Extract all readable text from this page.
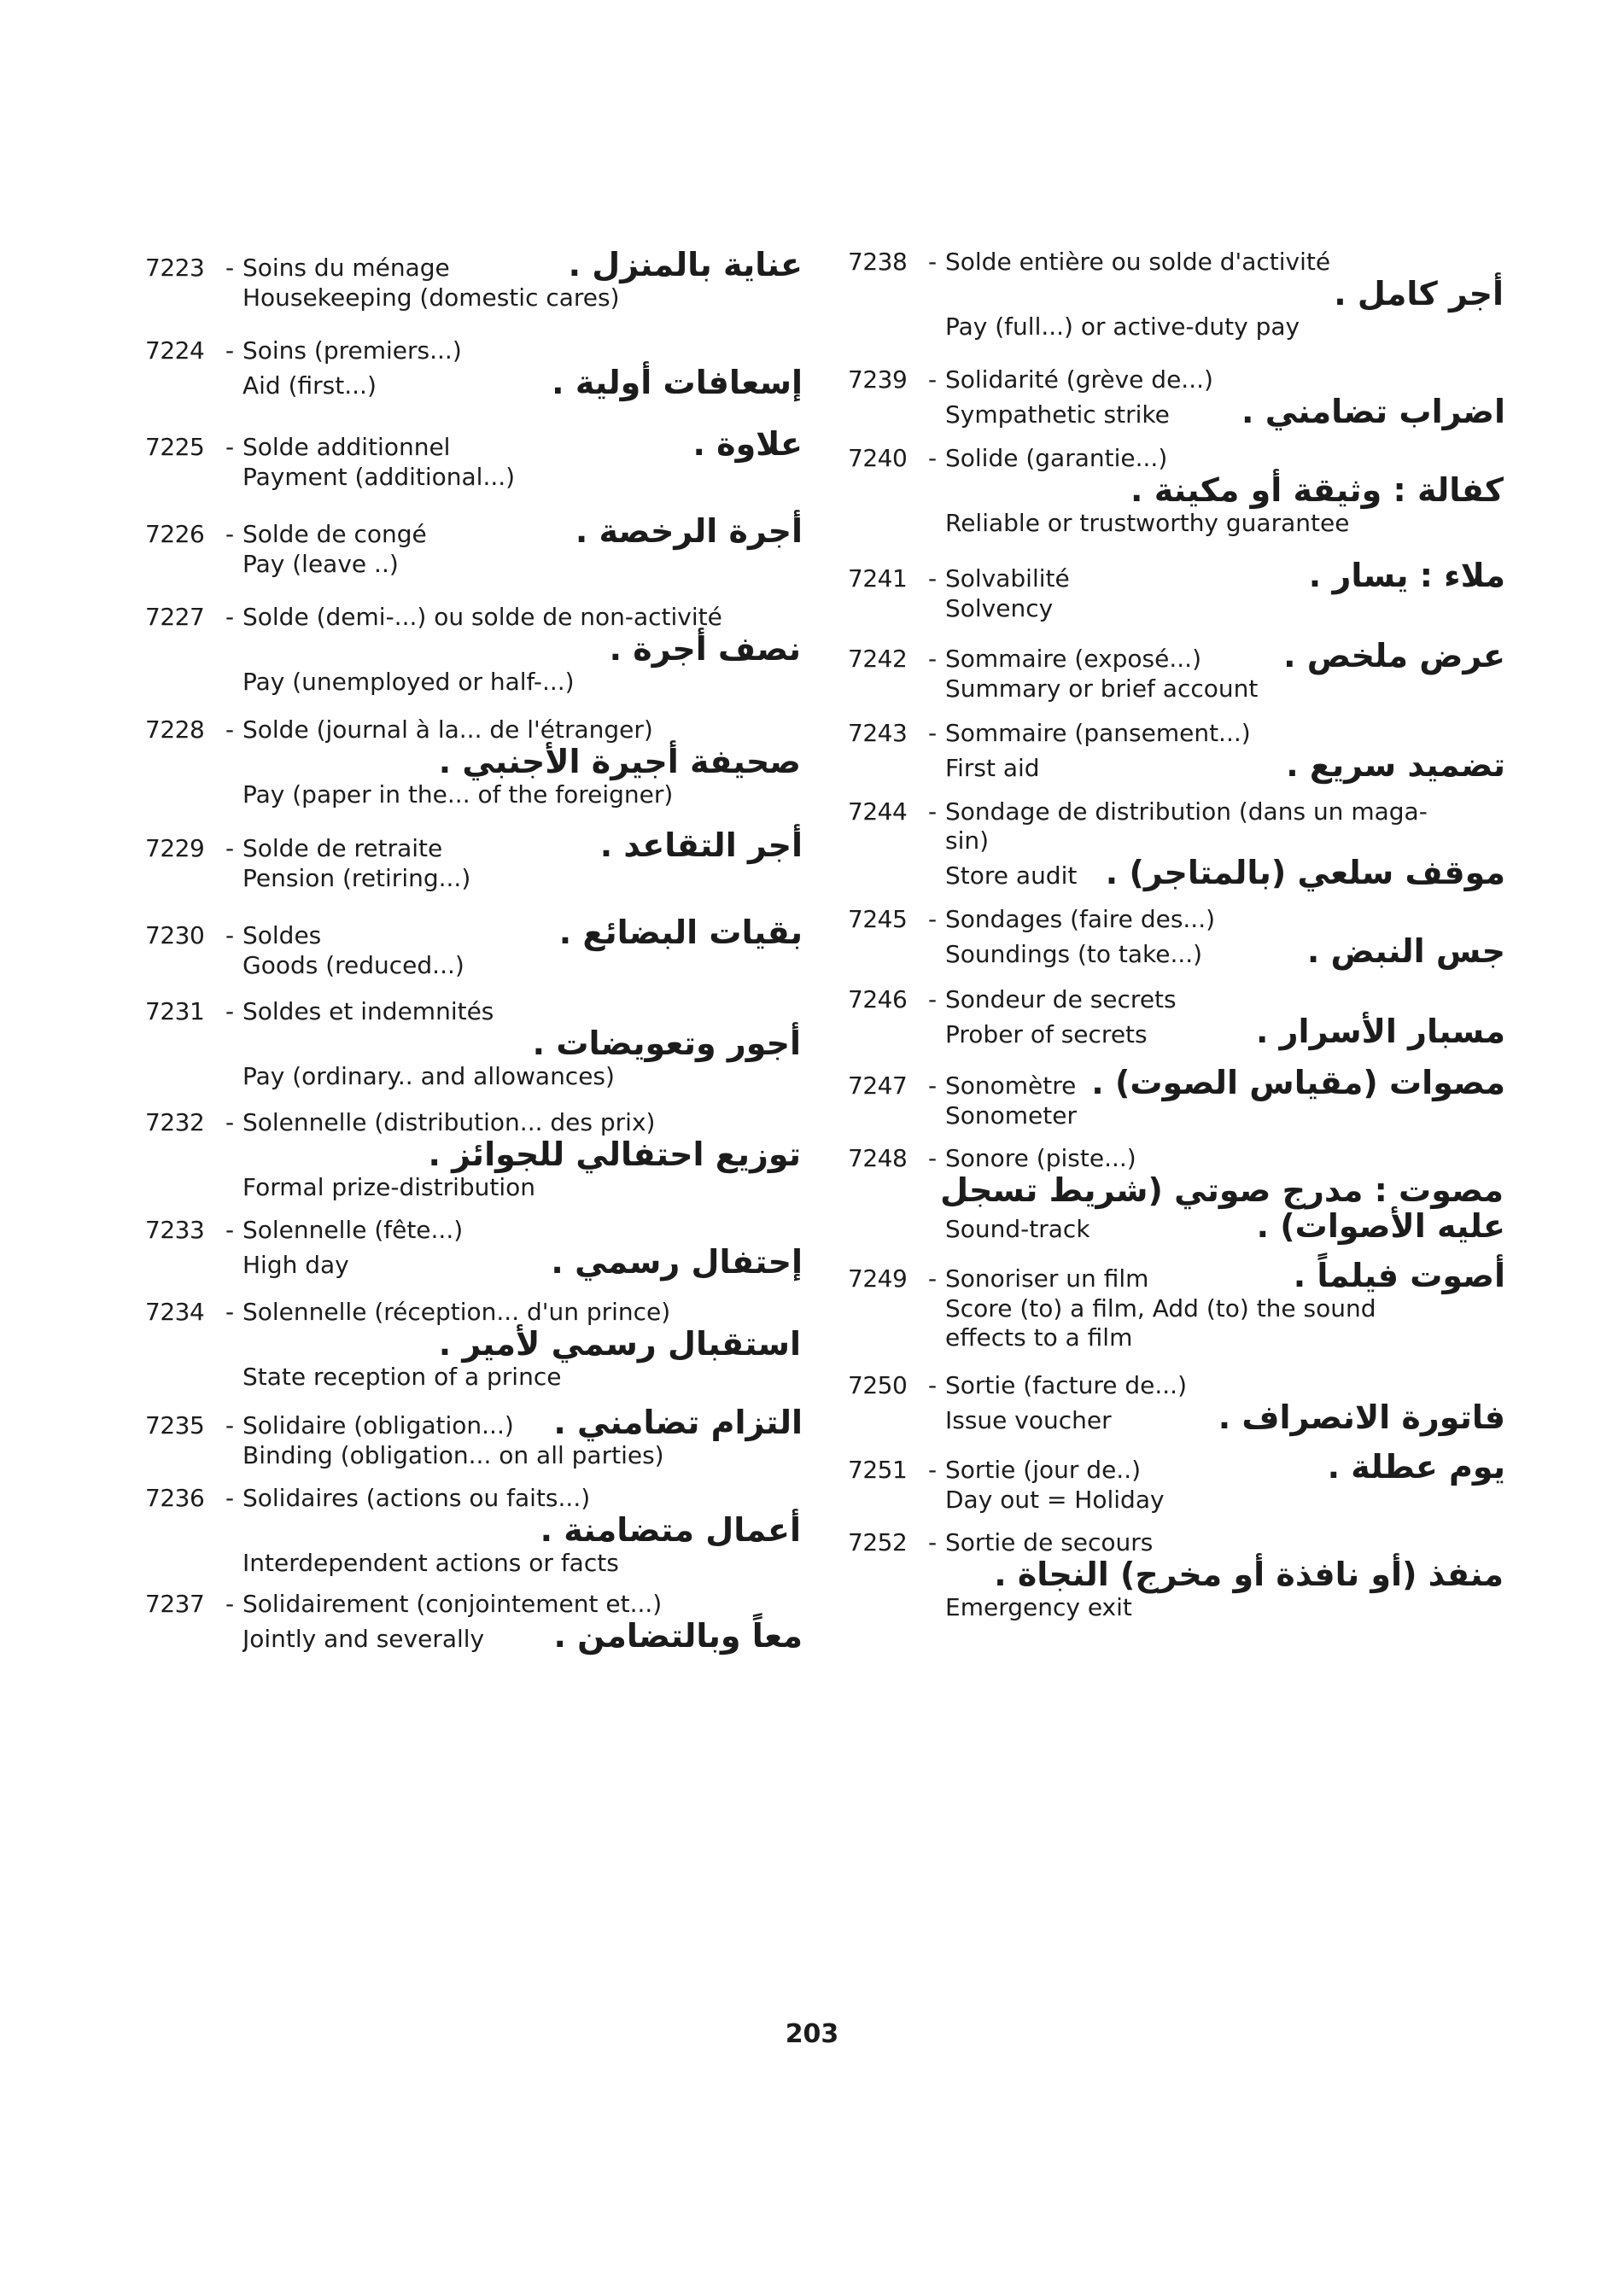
7223 - Soins du ménage	عناية بالمنزل .
Housekeeping (domestic cares)
7224 - Soins (premiers...)
Aid (first...)	إسعافات أولية .
7225 - Solde additionnel	علاوة .
Payment (additional...)
7226 - Solde de congé	أجرة الرخصة .
Pay (leave ..)
7227 - Solde (demi-...) ou solde de non-activité
نصف أجرة .
Pay (unemployed or half-...)
7228 - Solde (journal à la... de l'étranger)
صحيفة أجيرة الأجنبي .
Pay (paper in the... of the foreigner)
7229 - Solde de retraite	أجر التقاعد .
Pension (retiring...)
7230 - Soldes	بقيات البضائع .
Goods (reduced...)
7231 - Soldes et indemnités
أجور وتعويضات .
Pay (ordinary.. and allowances)
7232 - Solennelle (distribution... des prix)
توزيع احتفالي للجوائز .
Formal prize-distribution
7233 - Solennelle (fête...)
High day	إحتفال رسمي .
7234 - Solennelle (réception... d'un prince)
استقبال رسمي لأمير .
State reception of a prince
7235 - Solidaire (obligation...) التزام تضامني .
Binding (obligation... on all parties)
7236 - Solidaires (actions ou faits...)
أعمال متضامنة .
Interdependent actions or facts
7237 - Solidairement (conjointement et...)
Jointly and severally معاً وبالتضامن .
7238 - Solde entière ou solde d'activité
أجر كامل .
Pay (full...) or active-duty pay
7239 - Solidarité (grève de...)
Sympathetic strike اضراب تضامني .
7240 - Solide (garantie...)
كفالة : وثيقة أو مكينة .
Reliable or trustworthy guarantee
7241 - Solvabilité	ملاء : يسار .
Solvency
7242 - Sommaire (exposé...)	عرض ملخص .
Summary or brief account
7243 - Sommaire (pansement...)
First aid	تضميد سريع .
7244 - Sondage de distribution (dans un maga-
sin)
Store audit موقف سلعي (بالمتاجر) .
7245 - Sondages (faire des...)
Soundings (to take...)	جس النبض .
7246 - Sondeur de secrets
Prober of secrets	مسبار الأسرار .
7247 - Sonomètre مصوات (مقياس الصوت) .
Sonometer
7248 - Sonore (piste...)
مصوت : مدرج صوتي (شريط تسجل
Sound-track	عليه الأصوات) .
7249 - Sonoriser un film	أصوت فيلماً .
Score (to) a film, Add (to) the sound
effects to a film
7250 - Sortie (facture de...)
Issue voucher	فاتورة الانصراف .
7251 - Sortie (jour de..)	يوم عطلة .
Day out = Holiday
7252 - Sortie de secours
منفذ (أو نافذة أو مخرج) النجاة .
Emergency exit
203
